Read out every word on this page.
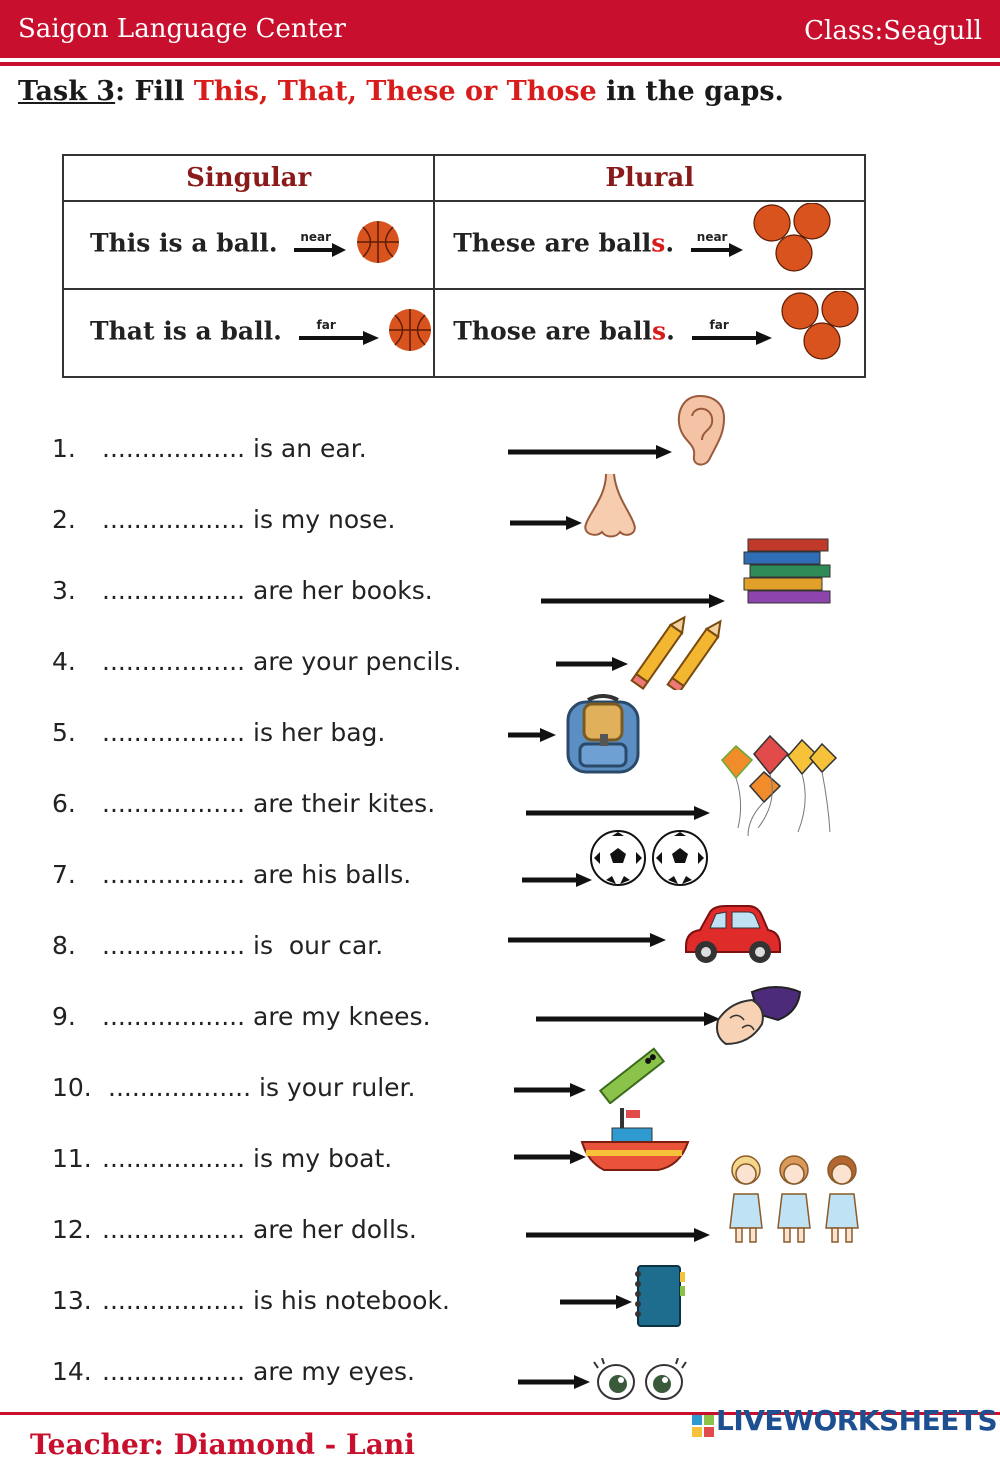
Saigon Language Center	Class:Seagull
Task 3: Fill This, That, These or Those in the gaps.
Singular	Plural
This is a ball. near	These are balls. near

That is a ball. far	Those are balls. far

1. .................. is an ear.
2. .................. is my nose.
3. .................. are her books.
4. .................. are your pencils.
5. .................. is her bag.
6. .................. are their kites.
7. .................. are his balls.
8. .................. is  our car.
9. .................. are my knees.
10. .................. is your ruler.
11. .................. is my boat.
12. .................. are her dolls.
13. .................. is his notebook.
14. .................. are my eyes.
Teacher: Diamond - Lani
LIVEWORKSHEETS
